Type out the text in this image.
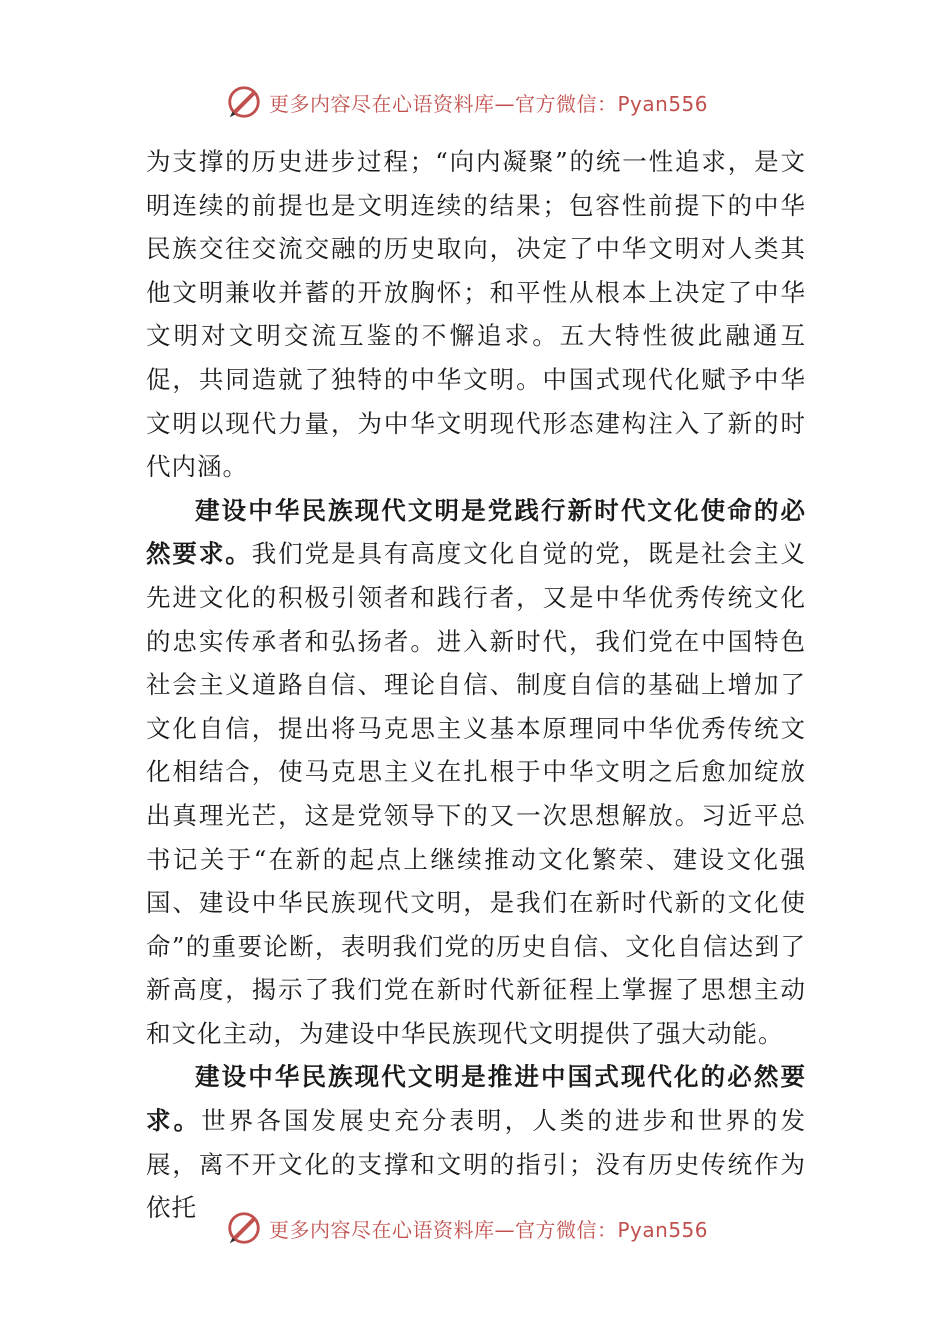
更多内容尽在心语资料库—官方微信：Pyan556

为支撑的历史进步过程；“向内凝聚”的统一性追求，是文明连续的前提也是文明连续的结果；包容性前提下的中华民族交往交流交融的历史取向，决定了中华文明对人类其他文明兼收并蓄的开放胸怀；和平性从根本上决定了中华文明对文明交流互鉴的不懈追求。五大特性彼此融通互促，共同造就了独特的中华文明。中国式现代化赋予中华文明以现代力量，为中华文明现代形态建构注入了新的时代内涵。

建设中华民族现代文明是党践行新时代文化使命的必然要求。我们党是具有高度文化自觉的党，既是社会主义先进文化的积极引领者和践行者，又是中华优秀传统文化的忠实传承者和弘扬者。进入新时代，我们党在中国特色社会主义道路自信、理论自信、制度自信的基础上增加了文化自信，提出将马克思主义基本原理同中华优秀传统文化相结合，使马克思主义在扎根于中华文明之后愈加绽放出真理光芒，这是党领导下的又一次思想解放。习近平总书记关于“在新的起点上继续推动文化繁荣、建设文化强国、建设中华民族现代文明，是我们在新时代新的文化使命”的重要论断，表明我们党的历史自信、文化自信达到了新高度，揭示了我们党在新时代新征程上掌握了思想主动和文化主动，为建设中华民族现代文明提供了强大动能。

建设中华民族现代文明是推进中国式现代化的必然要求。世界各国发展史充分表明，人类的进步和世界的发展，离不开文化的支撑和文明的指引；没有历史传统作为依托

更多内容尽在心语资料库—官方微信：Pyan556
